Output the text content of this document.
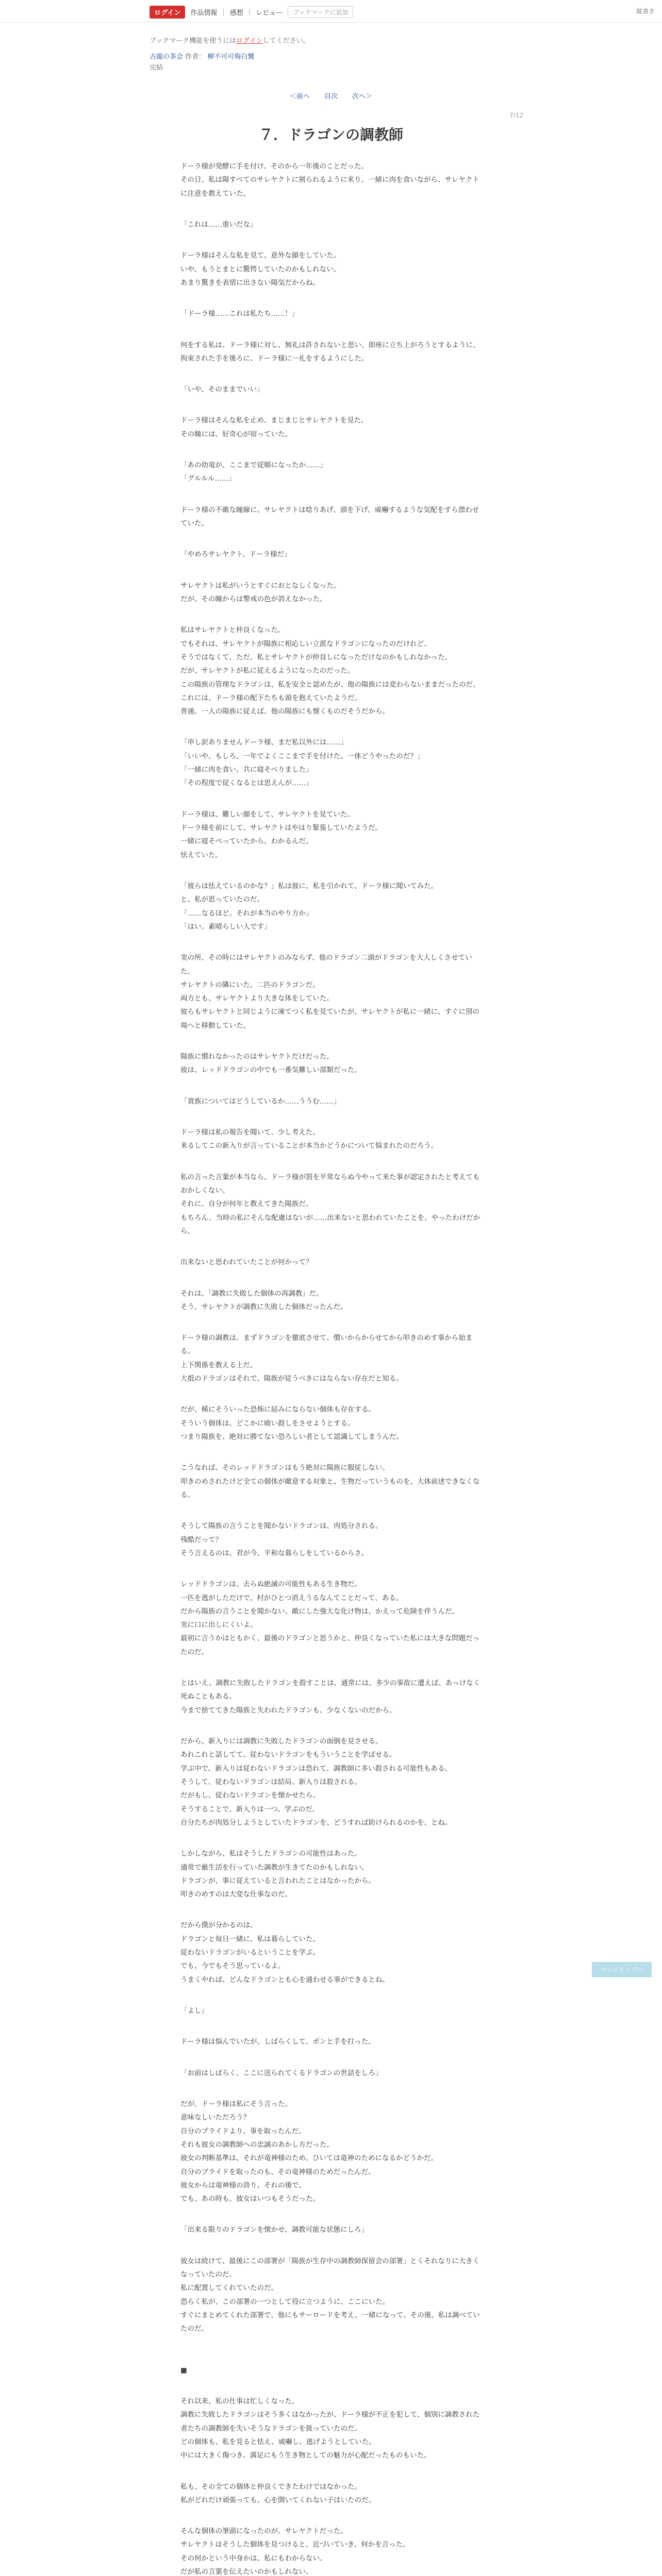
ログイン	作品情報 | 感想 | レビュー	ブックマークに追加	縦書き
ブックマーク機能を使うにはログインしてください。
古龍の茶会 作者： 柳不可可侮白鷺
完結
＜前へ 目次 次へ＞
7/12
７．ドラゴンの調教師

ドーラ様が発酵に手を付け、そのから一年後のことだった。
その日、私は陽すべてのサレヤクトに割られるように来り、一緒に肉を食いながら、サレヤクトに注意を教えていた。

「これは……重いだな」

ドーラ様はそんな私を見て、意外な顔をしていた。
いや、もうとまとに驚愕していたのかもしれない。
あまり驚きを表情に出さない陽気だからね。

「ドーラ様……これは私たち……！」

何をする私は、ドーラ様に対し、無礼は許されないと思い、即座に立ち上がろうとするように、
拘束された手を後ろに、ドーラ様に一礼をするようにした。

「いや、そのままでいい」

ドーラ様はそんな私を止め、まじまじとサレヤクトを見た。
その瞳には、好奇心が宿っていた。

「あの幼竜が、ここまで従順になったか……」
「グルルル……」

ドーラ様の不敵な瞳線に、サレヤクトは唸りあげ、頭を下げ、威嚇するような気配をすら漂わせていた。

「やめろサレヤクト、ドーラ様だ」

サレヤクトは私がいうとすぐにおとなしくなった。
だが、その瞳からは警戒の色が消えなかった。

私はサレヤクトと仲良くなった。
でもそれは、サレヤクトが陽族に相応しい立派なドラゴンになったのだけれど、
そうではなくて、ただ、私とサレヤクトが仲良しになっただけなのかもしれなかった。
だが、サレヤクトが私に従えるようになったのだった。
この陽族の管理なドラゴンは、私を安全と認めたが、他の陽族には変わらないままだったのだ。
これには、ドーラ様の配下たちも頭を抱えていたようだ。
普通、一人の陽族に従えば、他の陽族にも懐くものだそうだから。

「申し訳ありませんドーラ様、まだ私以外には……」
「いいや、もしろ、一年でよくここまで手を付けた。一体どうやったのだ？」
「一緒に肉を食い、共に寝そべりました」
「その程度で従くなるとは思えんが……」

ドーラ様は、難しい顔をして、サレヤクトを見ていた。
ドーラ様を前にして、サレヤクトはやはり緊張していたようだ。
一緒に寝そべっていたから、わかるんだ。
怯えていた。

「彼らは怯えているのかな？」私は彼に、私を引かれて、ドーラ様に聞いてみた。
と、私が思っていたのだ。
「……なるほど。それが本当のやり方か」
「はい。素晴らしい人です」

実の所、その時にはサレヤクトのみならず、他のドラゴン二頭がドラゴンを大人しくさせていた。
サレヤクトの隣にいた、二匹のドラゴンだ。
両方とも、サレヤクトより大きな体をしていた。
彼らもサレヤクトと同じように凍てつく私を見ていたが、サレヤクトが私に一緒に、すぐに別の場へと移動していた。

陽族に慣れなかったのはサレヤクトだけだった。
彼は、レッドドラゴンの中でも一番気難しい部類だった。

「貴族についてはどうしているか……ううむ……」

ドーラ様は私の報告を聞いて、少し考えた。
来るしてこの新入りが言っていることが本当かどうかについて悩まれたのだろう。

私の言った言葉が本当なら、ドーラ様が罰を平常ならぬ今やって来た事が認定されたと考えてもおかしくない。
それに、自分が何年と教えてきた陽族だ。
もちろん、当時の私にそんな配慮はないが……出来ないと思われていたことを、やったわけだから。

出来ないと思われていたことが何かって？

それは、「調教に失敗した個体の再調教」だ。
そう、サレヤクトが調教に失敗した個体だったんだ。

ドーラ様の調教は、まずドラゴンを徹底させて、慣いからからせてから叩きのめす事から始まる。
上下関係を教える上だ。
大抵のドラゴンはそれで、陽族が従うべきにはならない存在だと知る。

だが、稀にそういった恐怖に屈みにならない個体も存在する。
そういう個体は、どこかに喰い殺しをさせようとする。
つまり陽族を、絶対に勝てない恐ろしい者として認識してしまうんだ。

こうなれば、そのレッドドラゴンはもう絶対に陽族に服従しない。
叩きのめされたけど全ての個体が敵意する対象と、生物だっていうものを、大体前述できなくなる。

そうして陽族の言うことを聞かないドラゴンは、肉処分される。
残酷だって？
そう言えるのは、君が今、平和な暮らしをしているからさ。

レッドドラゴンは、去らぬ絶滅の可能性もある生き物だ。
一匹を逃がしただけで、村がひとつ消えうるなんてことだって、ある。
だから陽族の言うことを聞かない、敵にした強大な化け物は、かえって危険を伴うんだ。
実に口に出しにくいよ。
最初に言うかはともかく、最後のドラゴンと思うかと、仲良くなっていた私には大きな問題だったのだ。

とはいえ、調教に失敗したドラゴンを殺すことは、通常には、多少の事故に遭えば、あっけなく死ぬこともある。
今まで捨ててきた陽族と失われたドラゴンも、少なくないのだから。

だから、新入りには調教に失敗したドラゴンの面倒を見させる。
あれこれと話してて、従わないドラゴンをもういうことを学ばせる。
学ぶ中で、新入りは従わないドラゴンは恐れて、調教師に多い殺される可能性もある。
そうして、従わないドラゴンは結局、新入りは殺される。
だがもし、従わないドラゴンを懐かせたら。
そうすることで、新入りは一つ、学ぶのだ。
自分たちが肉処分しようとしていたドラゴンを、どうすれば助けられるのかを、とね。

しかしながら、私はそうしたドラゴンの可能性はあった。
通常で厳生活を行っていた調教が生きてたのかもしれない。
ドラゴンが、事に従えていると言われたことはなかったから。
叩きのめすのは大変な仕事なのだ。

だから僕が分かるのは、
ドラゴンと毎日一緒に、私は暮らしていた。
従わないドラゴンがいるということを学ぶ。
でも、今でもそう思っているよ。
うまくやれば、どんなドラゴンとも心を通わせる事ができるとね。

「よし」

ドーラ様は悩んでいたが、しばらくして、ポンと手を打った。

「お前はしばらく、ここに送られてくるドラゴンの世話をしろ」

だが、ドーラ様は私にそう言った。
意味なしいただろう？
自分のプライドより、事を取ったんだ。
それも彼女の調教師への忠誠のあかし方だった。
彼女の判断基準は、それが竜神様のため、ひいては竜神のためになるかどうかだ。
自分のプライドを取ったのも、その竜神様のためだったんだ。
彼女からは竜神様の誇り、それの後で、
でも、あの時も、彼女はいつもそうだった。

「出来る限りのドラゴンを懐かせ、調教可能な状態にしろ」

彼女は続けて、最後にこの部署が「陽族が生存中の調教師保留会の部署」とくそれなりに大きくなっていたのだ。
私に配置してくれていたのだ。
恐らく私が、この部署の一つとして役に立つように、ここにいた。
すぐにまとめてくれた部署で、他にもサーロードを考え、一緒になって、その後、私は調べていたのだ。

■

それ以来、私の仕事は忙しくなった。
調教に失敗したドラゴンはそう多くはなかったが、ドーラ様が不正を犯して、個別に調教された者たちの調教師を失いそうなドラゴンを扱っていたのだ。
どの個体も、私を見ると怯え、威嚇し、逃げようとしていた。
中には大きく傷つき、満足にもう生き物としての魅力が心配だったものもいた。

私も、その全ての個体と仲良くできたわけではなかった。
私がどれだけ頑張っても、心を開いてくれない子はいたのだ。

そんな個体の筆頭になったのが、サレヤクトだった。
サレヤクトはそうした個体を見つけると、近づいていき、何かを言った。
その何かという中身かは、私にもわからない。
だが私の言葉を伝えたいのかもしれない。

ページトップへ
